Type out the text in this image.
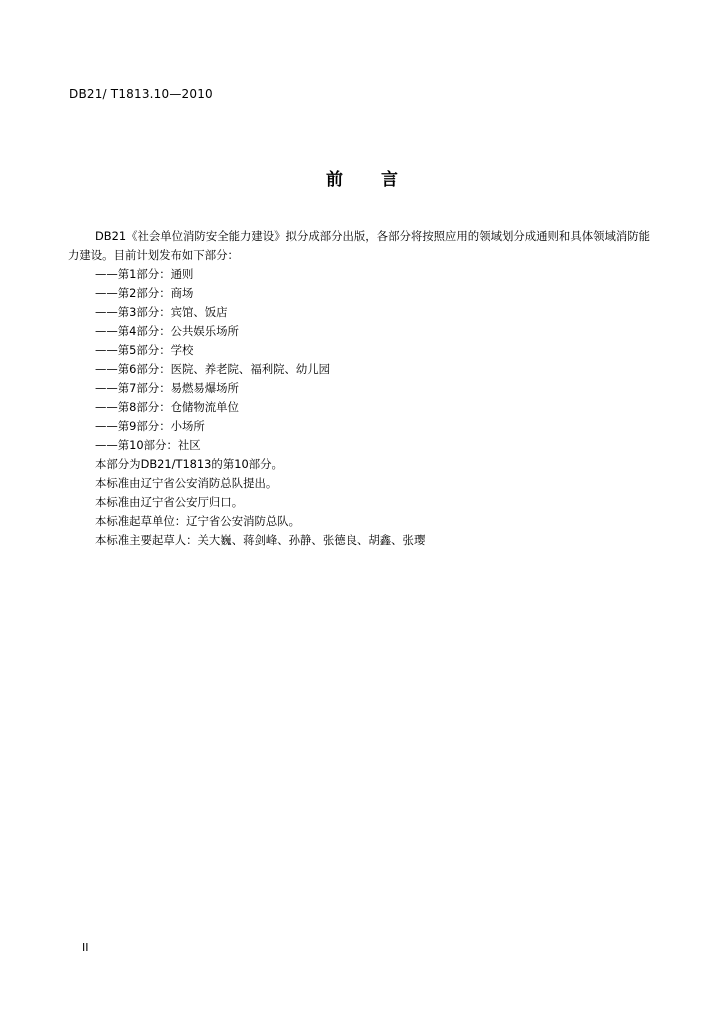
DB21/ T1813.10—2010
前 言

DB21《社会单位消防安全能力建设》拟分成部分出版，各部分将按照应用的领域划分成通则和具体领域消防能力建设。目前计划发布如下部分：

——第1部分：通则

——第2部分：商场

——第3部分：宾馆、饭店

——第4部分：公共娱乐场所

——第5部分：学校

——第6部分：医院、养老院、福利院、幼儿园

——第7部分：易燃易爆场所

——第8部分：仓储物流单位

——第9部分：小场所

——第10部分：社区

本部分为DB21/T1813的第10部分。

本标准由辽宁省公安消防总队提出。

本标准由辽宁省公安厅归口。

本标准起草单位：辽宁省公安消防总队。

本标准主要起草人：关大巍、蒋剑峰、孙静、张德良、胡鑫、张璎

II
